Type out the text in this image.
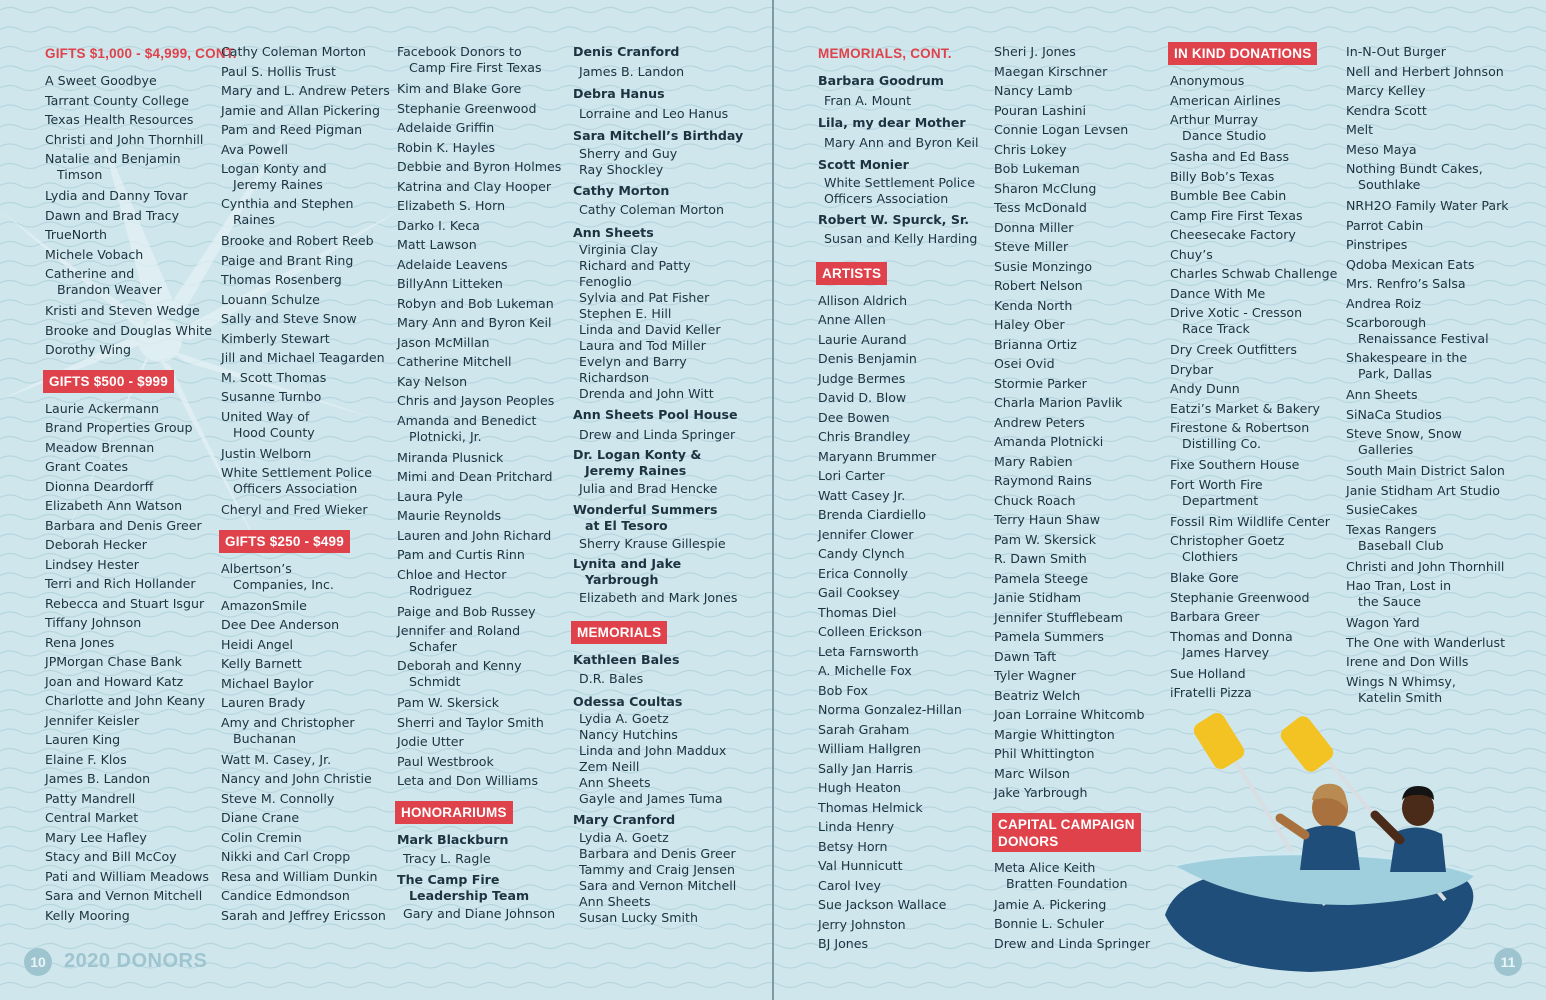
GIFTS $1,000 - $4,999, CONT.
A Sweet Goodbye
Tarrant County College
Texas Health Resources
Christi and John Thornhill
Natalie and Benjamin

Timson
Lydia and Danny Tovar
Dawn and Brad Tracy
TrueNorth
Michele Vobach
Catherine and

Brandon Weaver
Kristi and Steven Wedge
Brooke and Douglas White
Dorothy Wing
GIFTS $500 - $999
Laurie Ackermann
Brand Properties Group
Meadow Brennan
Grant Coates
Dionna Deardorff
Elizabeth Ann Watson
Barbara and Denis Greer
Deborah Hecker
Lindsey Hester
Terri and Rich Hollander
Rebecca and Stuart Isgur
Tiffany Johnson
Rena Jones
JPMorgan Chase Bank
Joan and Howard Katz
Charlotte and John Keany
Jennifer Keisler
Lauren King
Elaine F. Klos
James B. Landon
Patty Mandrell
Central Market
Mary Lee Hafley
Stacy and Bill McCoy
Pati and William Meadows
Sara and Vernon Mitchell
Kelly Mooring
Cathy Coleman Morton
Paul S. Hollis Trust
Mary and L. Andrew Peters
Jamie and Allan Pickering
Pam and Reed Pigman
Ava Powell
Logan Konty and

Jeremy Raines
Cynthia and Stephen

Raines
Brooke and Robert Reeb
Paige and Brant Ring
Thomas Rosenberg
Louann Schulze
Sally and Steve Snow
Kimberly Stewart
Jill and Michael Teagarden
M. Scott Thomas
Susanne Turnbo
United Way of

Hood County
Justin Welborn
White Settlement Police

Officers Association
Cheryl and Fred Wieker
GIFTS $250 - $499
Albertson’s

Companies, Inc.
AmazonSmile
Dee Dee Anderson
Heidi Angel
Kelly Barnett
Michael Baylor
Lauren Brady
Amy and Christopher

Buchanan
Watt M. Casey, Jr.
Nancy and John Christie
Steve M. Connolly
Diane Crane
Colin Cremin
Nikki and Carl Cropp
Resa and William Dunkin
Candice Edmondson
Sarah and Jeffrey Ericsson
Facebook Donors to

Camp Fire First Texas
Kim and Blake Gore
Stephanie Greenwood
Adelaide Griffin
Robin K. Hayles
Debbie and Byron Holmes
Katrina and Clay Hooper
Elizabeth S. Horn
Darko I. Keca
Matt Lawson
Adelaide Leavens
BillyAnn Litteken
Robyn and Bob Lukeman
Mary Ann and Byron Keil
Jason McMillan
Catherine Mitchell
Kay Nelson
Chris and Jayson Peoples
Amanda and Benedict

Plotnicki, Jr.
Miranda Plusnick
Mimi and Dean Pritchard
Laura Pyle
Maurie Reynolds
Lauren and John Richard
Pam and Curtis Rinn
Chloe and Hector

Rodriguez
Paige and Bob Russey
Jennifer and Roland

Schafer
Deborah and Kenny

Schmidt
Pam W. Skersick
Sherri and Taylor Smith
Jodie Utter
Paul Westbrook
Leta and Don Williams
HONORARIUMS
Mark Blackburn
Tracy L. Ragle
The Camp Fire

Leadership Team
Gary and Diane Johnson
Denis Cranford
James B. Landon
Debra Hanus
Lorraine and Leo Hanus
Sara Mitchell’s Birthday
Sherry and Guy
Ray Shockley
Cathy Morton
Cathy Coleman Morton
Ann Sheets
Virginia Clay
Richard and Patty
Fenoglio
Sylvia and Pat Fisher
Stephen E. Hill
Linda and David Keller
Laura and Tod Miller
Evelyn and Barry
Richardson
Drenda and John Witt
Ann Sheets Pool House
Drew and Linda Springer
Dr. Logan Konty &

Jeremy Raines
Julia and Brad Hencke
Wonderful Summers

at El Tesoro
Sherry Krause Gillespie
Lynita and Jake

Yarbrough
Elizabeth and Mark Jones
MEMORIALS
Kathleen Bales
D.R. Bales
Odessa Coultas
Lydia A. Goetz
Nancy Hutchins
Linda and John Maddux
Zem Neill
Ann Sheets
Gayle and James Tuma
Mary Cranford
Lydia A. Goetz
Barbara and Denis Greer
Tammy and Craig Jensen
Sara and Vernon Mitchell
Ann Sheets
Susan Lucky Smith
MEMORIALS, CONT.
Barbara Goodrum
Fran A. Mount
Lila, my dear Mother
Mary Ann and Byron Keil
Scott Monier
White Settlement Police
Officers Association
Robert W. Spurck, Sr.
Susan and Kelly Harding
ARTISTS
Allison Aldrich
Anne Allen
Laurie Aurand
Denis Benjamin
Judge Bermes
David D. Blow
Dee Bowen
Chris Brandley
Maryann Brummer
Lori Carter
Watt Casey Jr.
Brenda Ciardiello
Jennifer Clower
Candy Clynch
Erica Connolly
Gail Cooksey
Thomas Diel
Colleen Erickson
Leta Farnsworth
A. Michelle Fox
Bob Fox
Norma Gonzalez-Hillan
Sarah Graham
William Hallgren
Sally Jan Harris
Hugh Heaton
Thomas Helmick
Linda Henry
Betsy Horn
Val Hunnicutt
Carol Ivey
Sue Jackson Wallace
Jerry Johnston
BJ Jones
Sheri J. Jones
Maegan Kirschner
Nancy Lamb
Pouran Lashini
Connie Logan Levsen
Chris Lokey
Bob Lukeman
Sharon McClung
Tess McDonald
Donna Miller
Steve Miller
Susie Monzingo
Robert Nelson
Kenda North
Haley Ober
Brianna Ortiz
Osei Ovid
Stormie Parker
Charla Marion Pavlik
Andrew Peters
Amanda Plotnicki
Mary Rabien
Raymond Rains
Chuck Roach
Terry Haun Shaw
Pam W. Skersick
R. Dawn Smith
Pamela Steege
Janie Stidham
Jennifer Stufflebeam
Pamela Summers
Dawn Taft
Tyler Wagner
Beatriz Welch
Joan Lorraine Whitcomb
Margie Whittington
Phil Whittington
Marc Wilson
Jake Yarbrough
CAPITAL CAMPAIGN
DONORS
Meta Alice Keith

Bratten Foundation
Jamie A. Pickering
Bonnie L. Schuler
Drew and Linda Springer
IN KIND DONATIONS
Anonymous
American Airlines
Arthur Murray

Dance Studio
Sasha and Ed Bass
Billy Bob’s Texas
Bumble Bee Cabin
Camp Fire First Texas
Cheesecake Factory
Chuy’s
Charles Schwab Challenge
Dance With Me
Drive Xotic - Cresson

Race Track
Dry Creek Outfitters
Drybar
Andy Dunn
Eatzi’s Market & Bakery
Firestone & Robertson

Distilling Co.
Fixe Southern House
Fort Worth Fire

Department
Fossil Rim Wildlife Center
Christopher Goetz

Clothiers
Blake Gore
Stephanie Greenwood
Barbara Greer
Thomas and Donna

James Harvey
Sue Holland
iFratelli Pizza
In-N-Out Burger
Nell and Herbert Johnson
Marcy Kelley
Kendra Scott
Melt
Meso Maya
Nothing Bundt Cakes,

Southlake
NRH2O Family Water Park
Parrot Cabin
Pinstripes
Qdoba Mexican Eats
Mrs. Renfro’s Salsa
Andrea Roiz
Scarborough

Renaissance Festival
Shakespeare in the

Park, Dallas
Ann Sheets
SiNaCa Studios
Steve Snow, Snow

Galleries
South Main District Salon
Janie Stidham Art Studio
SusieCakes
Texas Rangers

Baseball Club
Christi and John Thornhill
Hao Tran, Lost in

the Sauce
Wagon Yard
The One with Wanderlust
Irene and Don Wills
Wings N Whimsy,

Katelin Smith
10 2020 DONORS	11
